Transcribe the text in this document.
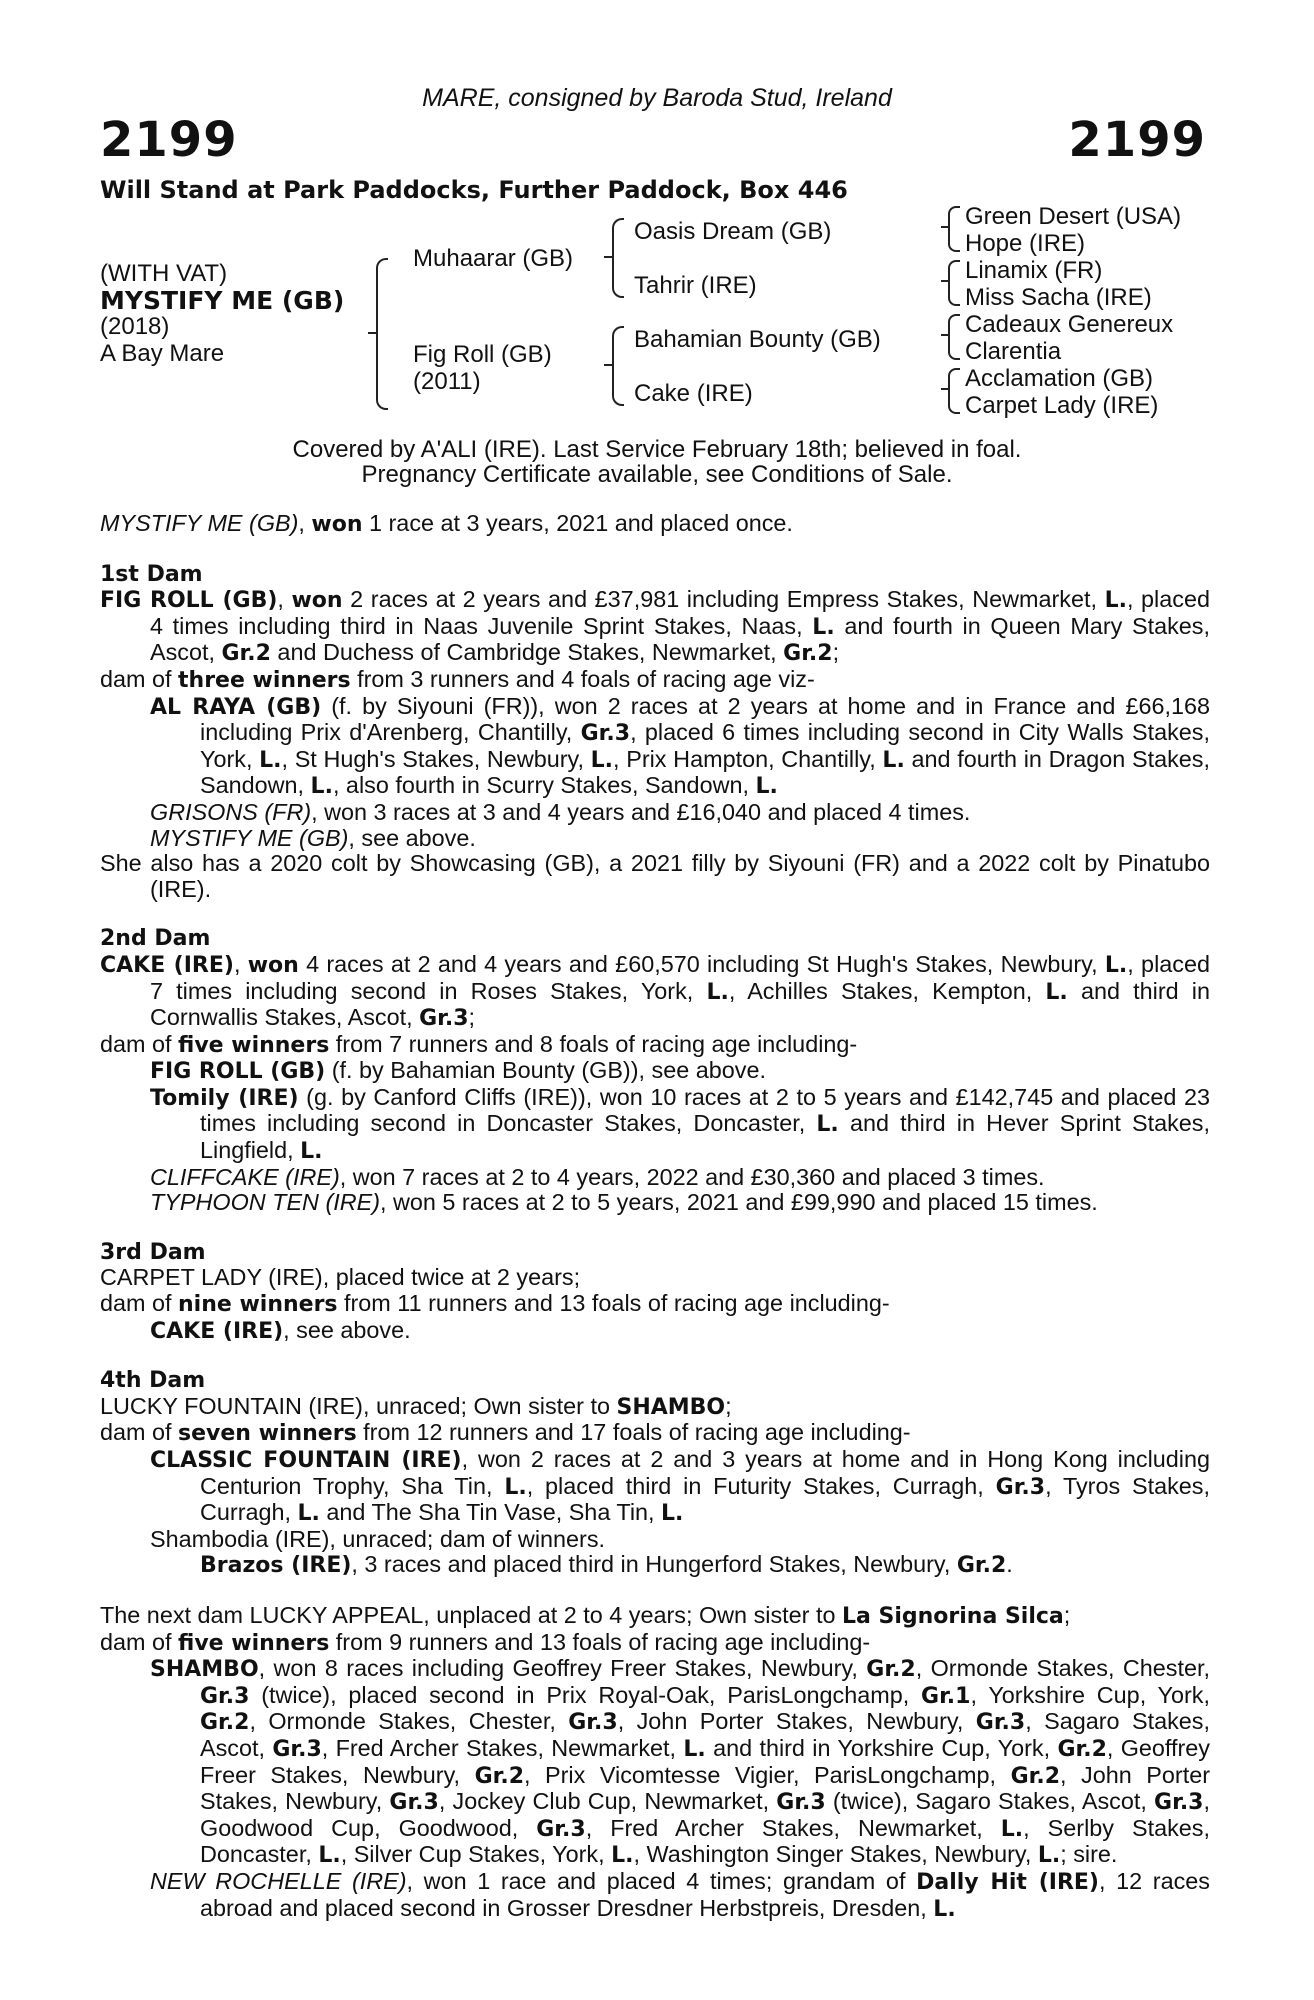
MARE, consigned by Baroda Stud, Ireland
2199	2199
Will Stand at Park Paddocks, Further Paddock, Box 446
(WITH VAT)
MYSTIFY ME (GB)
(2018)
A Bay Mare
Muhaarar (GB)
Fig Roll (GB)
(2011)
Oasis Dream (GB)
Tahrir (IRE)
Bahamian Bounty (GB)
Cake (IRE)
Green Desert (USA)
Hope (IRE)
Linamix (FR)
Miss Sacha (IRE)
Cadeaux Genereux
Clarentia
Acclamation (GB)
Carpet Lady (IRE)
Covered by A'ALI (IRE). Last Service February 18th; believed in foal.
Pregnancy Certificate available, see Conditions of Sale.

MYSTIFY ME (GB), won 1 race at 3 years, 2021 and placed once.

1st Dam

FIG ROLL (GB), won 2 races at 2 years and £37,981 including Empress Stakes, Newmarket, L., placed 4 times including third in Naas Juvenile Sprint Stakes, Naas, L. and fourth in Queen Mary Stakes, Ascot, Gr.2 and Duchess of Cambridge Stakes, Newmarket, Gr.2;

dam of three winners from 3 runners and 4 foals of racing age viz-

AL RAYA (GB) (f. by Siyouni (FR)), won 2 races at 2 years at home and in France and £66,168 including Prix d'Arenberg, Chantilly, Gr.3, placed 6 times including second in City Walls Stakes, York, L., St Hugh's Stakes, Newbury, L., Prix Hampton, Chantilly, L. and fourth in Dragon Stakes, Sandown, L., also fourth in Scurry Stakes, Sandown, L.

GRISONS (FR), won 3 races at 3 and 4 years and £16,040 and placed 4 times.

MYSTIFY ME (GB), see above.

She also has a 2020 colt by Showcasing (GB), a 2021 filly by Siyouni (FR) and a 2022 colt by Pinatubo (IRE).

2nd Dam

CAKE (IRE), won 4 races at 2 and 4 years and £60,570 including St Hugh's Stakes, Newbury, L., placed 7 times including second in Roses Stakes, York, L., Achilles Stakes, Kempton, L. and third in Cornwallis Stakes, Ascot, Gr.3;

dam of five winners from 7 runners and 8 foals of racing age including-

FIG ROLL (GB) (f. by Bahamian Bounty (GB)), see above.

Tomily (IRE) (g. by Canford Cliffs (IRE)), won 10 races at 2 to 5 years and £142,745 and placed 23 times including second in Doncaster Stakes, Doncaster, L. and third in Hever Sprint Stakes, Lingfield, L.

CLIFFCAKE (IRE), won 7 races at 2 to 4 years, 2022 and £30,360 and placed 3 times.

TYPHOON TEN (IRE), won 5 races at 2 to 5 years, 2021 and £99,990 and placed 15 times.

3rd Dam

CARPET LADY (IRE), placed twice at 2 years;

dam of nine winners from 11 runners and 13 foals of racing age including-

CAKE (IRE), see above.

4th Dam

LUCKY FOUNTAIN (IRE), unraced; Own sister to SHAMBO;

dam of seven winners from 12 runners and 17 foals of racing age including-

CLASSIC FOUNTAIN (IRE), won 2 races at 2 and 3 years at home and in Hong Kong including Centurion Trophy, Sha Tin, L., placed third in Futurity Stakes, Curragh, Gr.3, Tyros Stakes, Curragh, L. and The Sha Tin Vase, Sha Tin, L.

Shambodia (IRE), unraced; dam of winners.

Brazos (IRE), 3 races and placed third in Hungerford Stakes, Newbury, Gr.2.

The next dam LUCKY APPEAL, unplaced at 2 to 4 years; Own sister to La Signorina Silca;

dam of five winners from 9 runners and 13 foals of racing age including-

SHAMBO, won 8 races including Geoffrey Freer Stakes, Newbury, Gr.2, Ormonde Stakes, Chester, Gr.3 (twice), placed second in Prix Royal-Oak, ParisLongchamp, Gr.1, Yorkshire Cup, York, Gr.2, Ormonde Stakes, Chester, Gr.3, John Porter Stakes, Newbury, Gr.3, Sagaro Stakes, Ascot, Gr.3, Fred Archer Stakes, Newmarket, L. and third in Yorkshire Cup, York, Gr.2, Geoffrey Freer Stakes, Newbury, Gr.2, Prix Vicomtesse Vigier, ParisLongchamp, Gr.2, John Porter Stakes, Newbury, Gr.3, Jockey Club Cup, Newmarket, Gr.3 (twice), Sagaro Stakes, Ascot, Gr.3, Goodwood Cup, Goodwood, Gr.3, Fred Archer Stakes, Newmarket, L., Serlby Stakes, Doncaster, L., Silver Cup Stakes, York, L., Washington Singer Stakes, Newbury, L.; sire.

NEW ROCHELLE (IRE), won 1 race and placed 4 times; grandam of Dally Hit (IRE), 12 races abroad and placed second in Grosser Dresdner Herbstpreis, Dresden, L.
